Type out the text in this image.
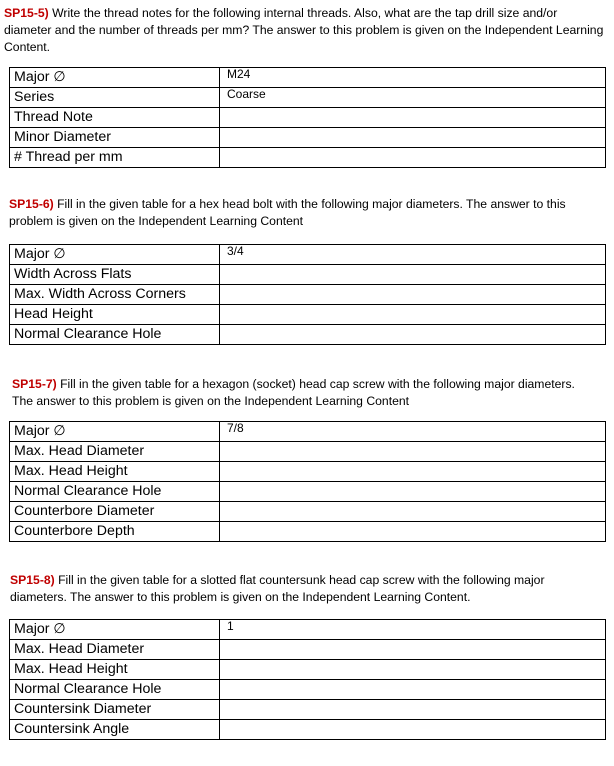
SP15-5) Write the thread notes for the following internal threads. Also, what are the tap drill size and/or diameter and the number of threads per mm? The answer to this problem is given on the Independent Learning Content.

Major ∅	M24
Series	Coarse
Thread Note	
Minor Diameter	
# Thread per mm	

SP15-6) Fill in the given table for a hex head bolt with the following major diameters. The answer to this problem is given on the Independent Learning Content

Major ∅	3/4
Width Across Flats	
Max. Width Across Corners	
Head Height	
Normal Clearance Hole	

SP15-7) Fill in the given table for a hexagon (socket) head cap screw with the following major diameters. The answer to this problem is given on the Independent Learning Content

Major ∅	7/8
Max. Head Diameter	
Max. Head Height	
Normal Clearance Hole	
Counterbore Diameter	
Counterbore Depth	

SP15-8) Fill in the given table for a slotted flat countersunk head cap screw with the following major diameters. The answer to this problem is given on the Independent Learning Content.

Major ∅	1
Max. Head Diameter	
Max. Head Height	
Normal Clearance Hole	
Countersink Diameter	
Countersink Angle	
